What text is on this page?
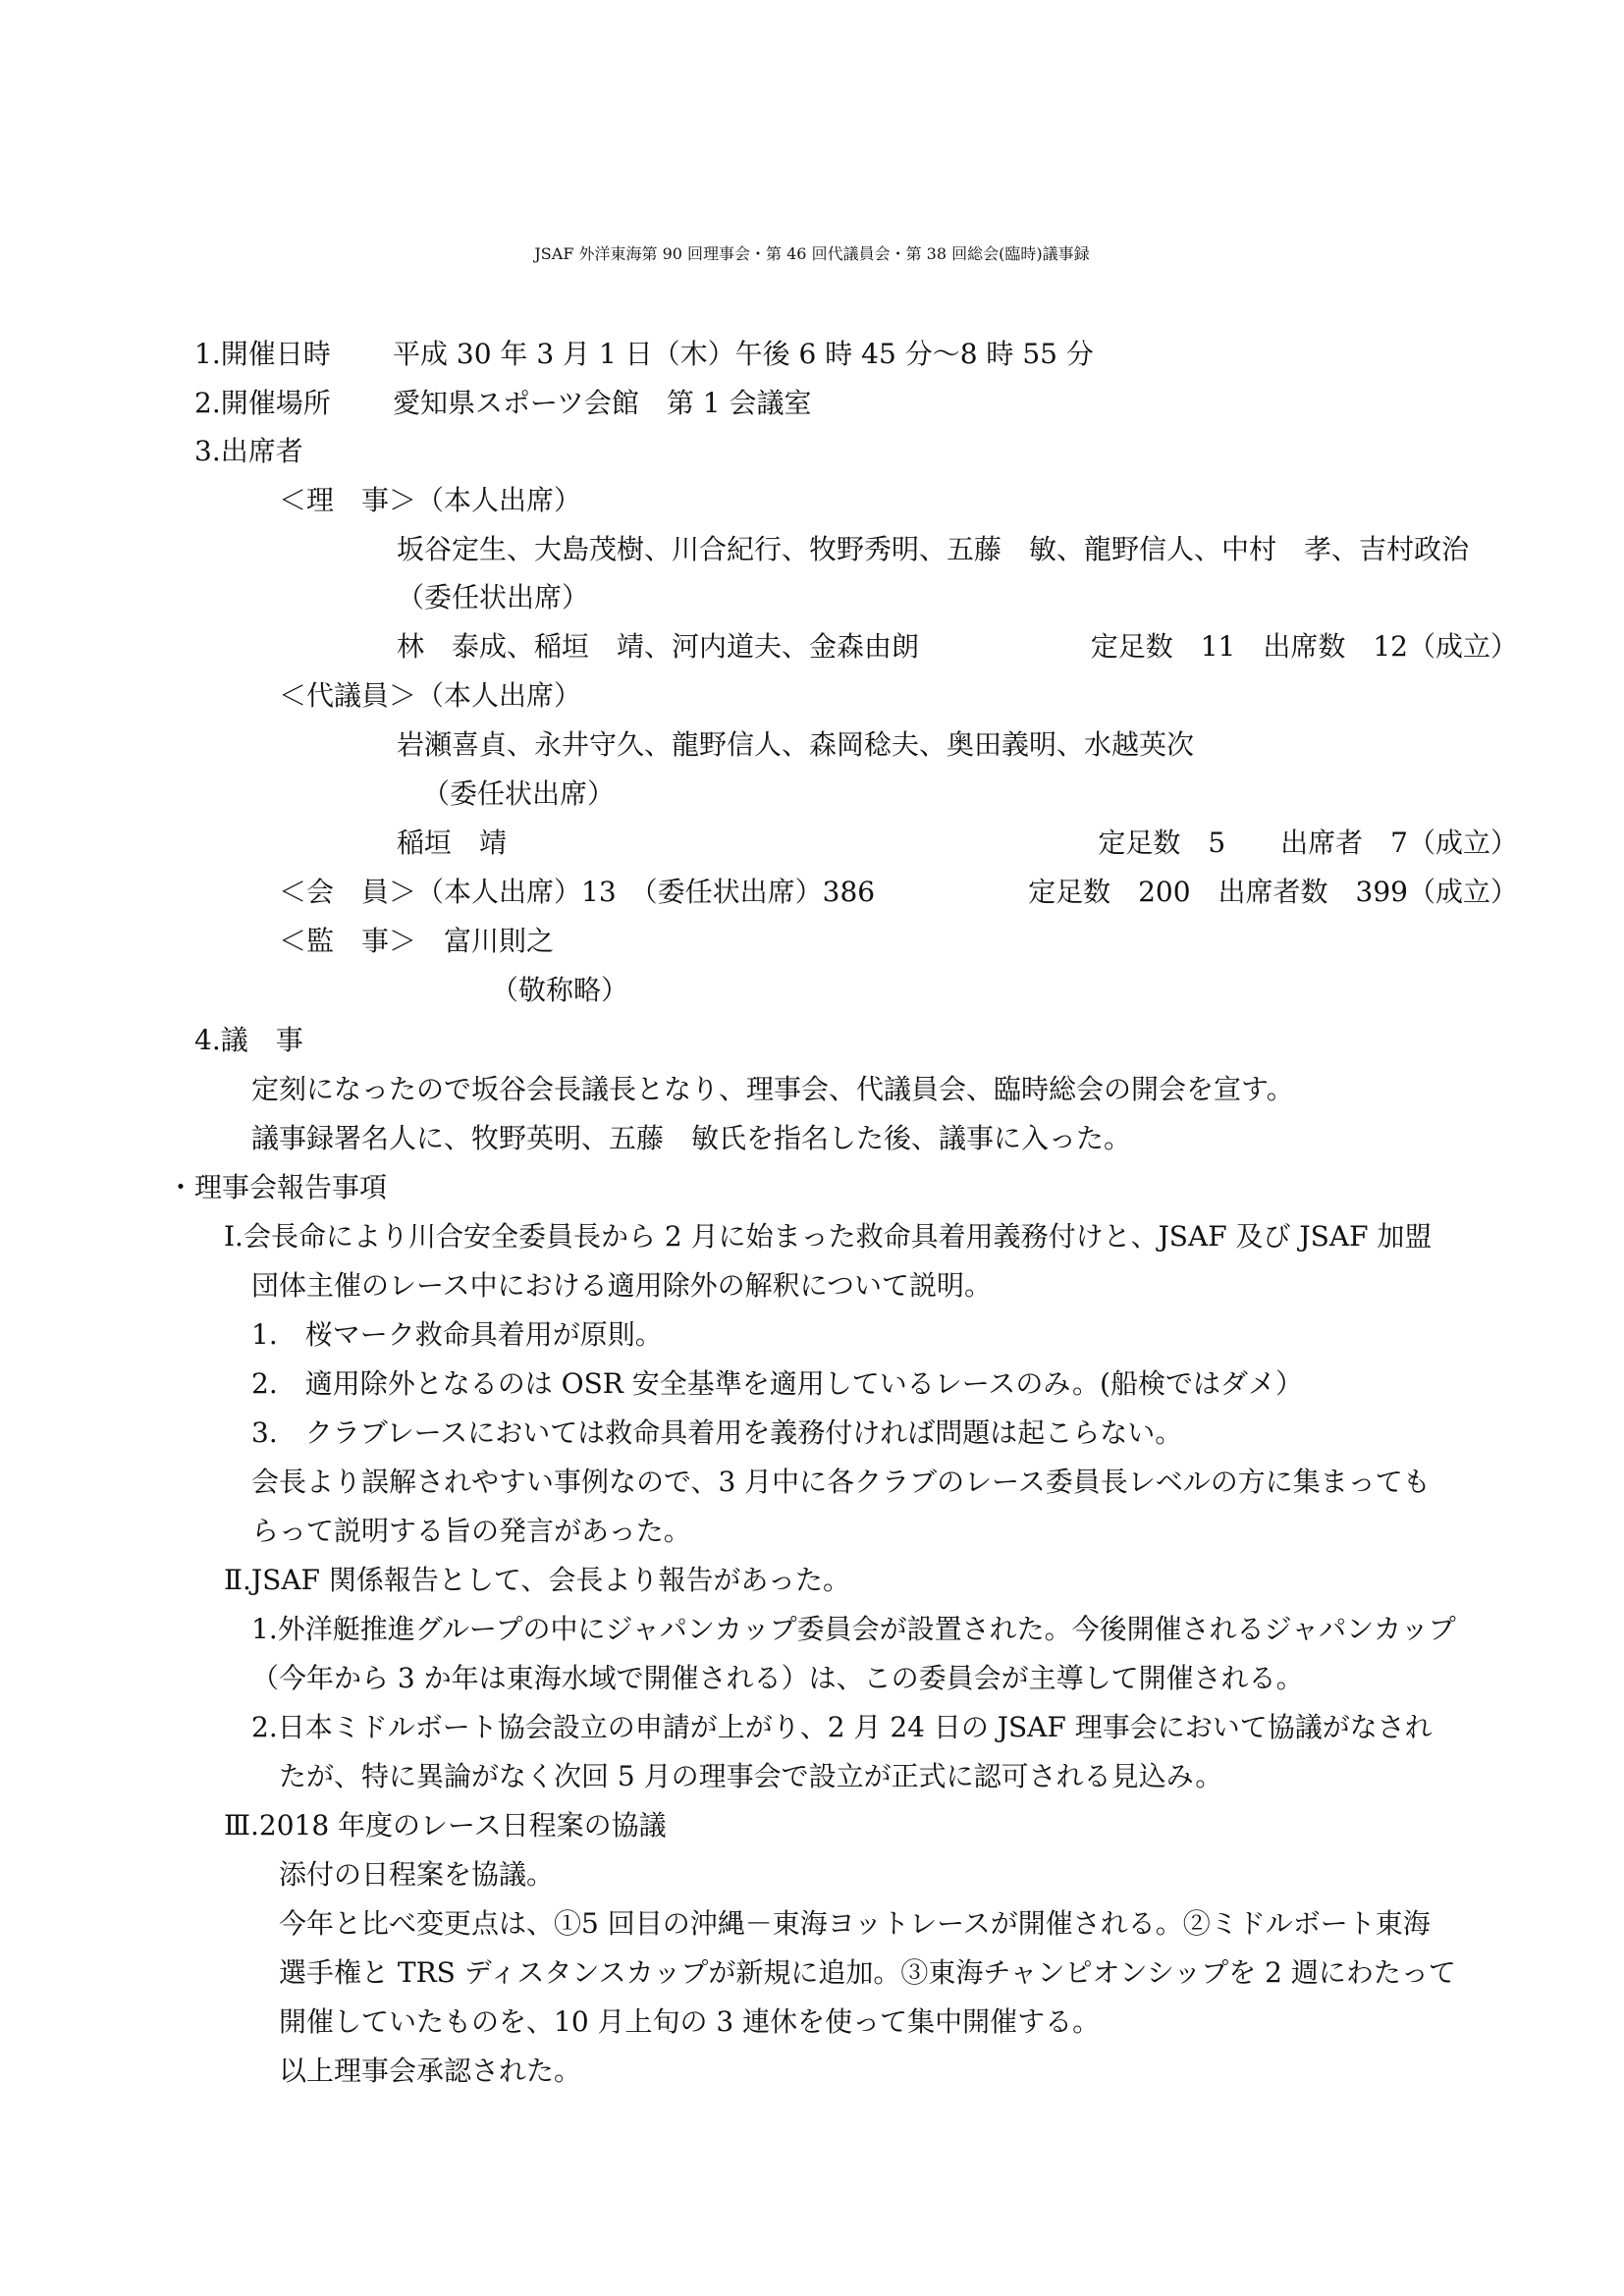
JSAF 外洋東海第 90 回理事会・第 46 回代議員会・第 38 回総会(臨時)議事録
1.開催日時 平成 30 年 3 月 1 日（木）午後 6 時 45 分～8 時 55 分
2.開催場所 愛知県スポーツ会館　第 1 会議室
3.出席者
＜理　事＞（本人出席）
坂谷定生、大島茂樹、川合紀行、牧野秀明、五藤　敏、龍野信人、中村　孝、吉村政治
（委任状出席）
林　泰成、稲垣　靖、河内道夫、金森由朗	定足数　11　出席数　12（成立）
＜代議員＞（本人出席）
岩瀬喜貞、永井守久、龍野信人、森岡稔夫、奥田義明、水越英次
（委任状出席）
稲垣　靖	定足数　5　　出席者　7（成立）
＜会　員＞（本人出席）13　（委任状出席）386	定足数　200　出席者数　399（成立）
＜監　事＞　富川則之
（敬称略）
4.議　事
定刻になったので坂谷会長議長となり、理事会、代議員会、臨時総会の開会を宣す。
議事録署名人に、牧野英明、五藤　敏氏を指名した後、議事に入った。
・理事会報告事項
Ⅰ.会長命により川合安全委員長から 2 月に始まった救命具着用義務付けと、JSAF 及び JSAF 加盟
団体主催のレース中における適用除外の解釈について説明。
1.　桜マーク救命具着用が原則。
2.　適用除外となるのは OSR 安全基準を適用しているレースのみ。(船検ではダメ）
3.　クラブレースにおいては救命具着用を義務付ければ問題は起こらない。
会長より誤解されやすい事例なので、3 月中に各クラブのレース委員長レベルの方に集まっても
らって説明する旨の発言があった。
Ⅱ.JSAF 関係報告として、会長より報告があった。
1.外洋艇推進グループの中にジャパンカップ委員会が設置された。今後開催されるジャパンカップ
（今年から 3 か年は東海水域で開催される）は、この委員会が主導して開催される。
2.日本ミドルボート協会設立の申請が上がり、2 月 24 日の JSAF 理事会において協議がなされ
たが、特に異論がなく次回 5 月の理事会で設立が正式に認可される見込み。
Ⅲ.2018 年度のレース日程案の協議
添付の日程案を協議。
今年と比べ変更点は、①5 回目の沖縄－東海ヨットレースが開催される。②ミドルボート東海
選手権と TRS ディスタンスカップが新規に追加。③東海チャンピオンシップを 2 週にわたって
開催していたものを、10 月上旬の 3 連休を使って集中開催する。
以上理事会承認された。
